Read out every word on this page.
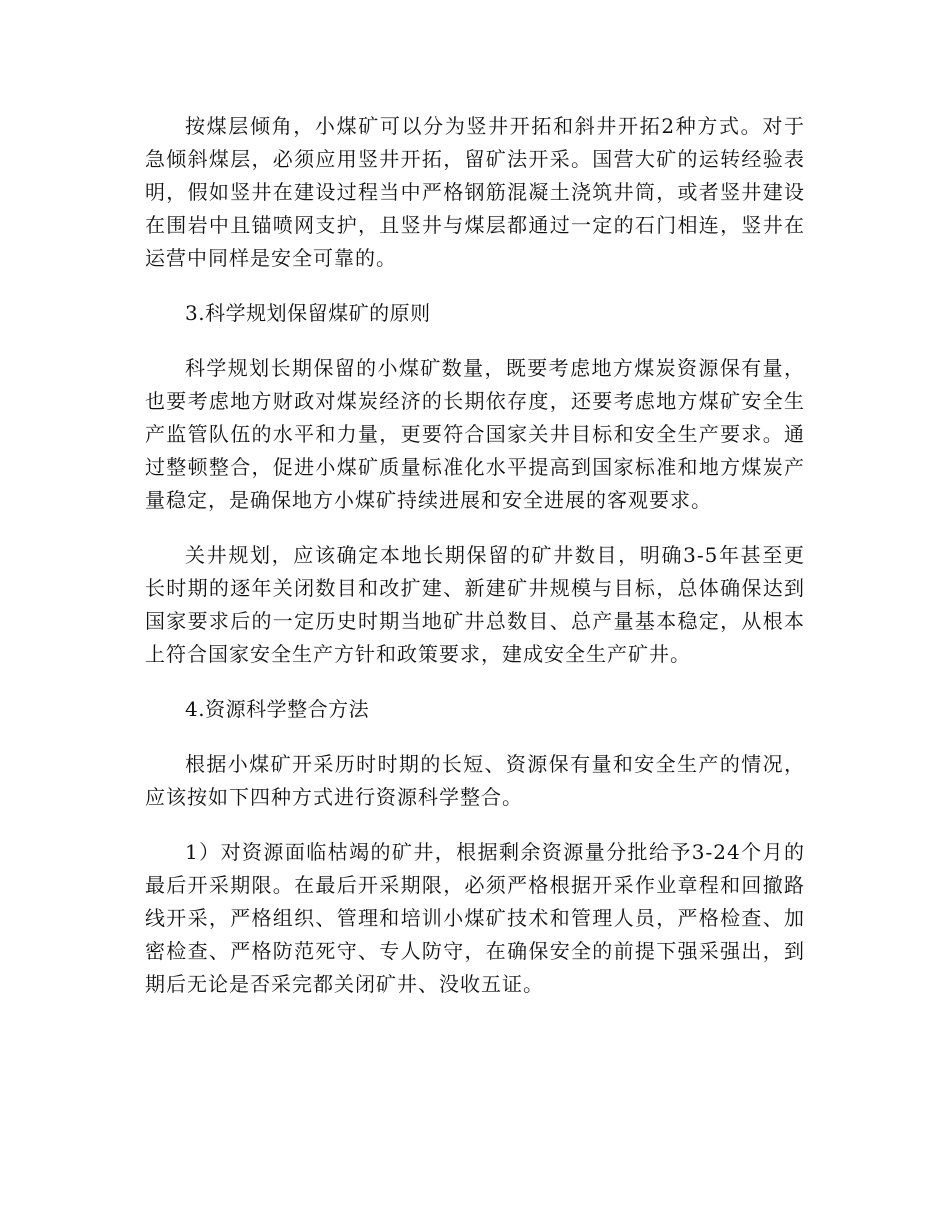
按煤层倾角，小煤矿可以分为竖井开拓和斜井开拓2种方式。对于急倾斜煤层，必须应用竖井开拓，留矿法开采。国营大矿的运转经验表明，假如竖井在建设过程当中严格钢筋混凝土浇筑井筒，或者竖井建设在围岩中且锚喷网支护，且竖井与煤层都通过一定的石门相连，竖井在运营中同样是安全可靠的。

3.科学规划保留煤矿的原则

科学规划长期保留的小煤矿数量，既要考虑地方煤炭资源保有量，也要考虑地方财政对煤炭经济的长期依存度，还要考虑地方煤矿安全生产监管队伍的水平和力量，更要符合国家关井目标和安全生产要求。通过整顿整合，促进小煤矿质量标准化水平提高到国家标准和地方煤炭产量稳定，是确保地方小煤矿持续进展和安全进展的客观要求。

关井规划，应该确定本地长期保留的矿井数目，明确3-5年甚至更长时期的逐年关闭数目和改扩建、新建矿井规模与目标，总体确保达到国家要求后的一定历史时期当地矿井总数目、总产量基本稳定，从根本上符合国家安全生产方针和政策要求，建成安全生产矿井。

4.资源科学整合方法

根据小煤矿开采历时时期的长短、资源保有量和安全生产的情况，应该按如下四种方式进行资源科学整合。

1）对资源面临枯竭的矿井，根据剩余资源量分批给予3-24个月的最后开采期限。在最后开采期限，必须严格根据开采作业章程和回撤路线开采，严格组织、管理和培训小煤矿技术和管理人员，严格检查、加密检查、严格防范死守、专人防守，在确保安全的前提下强采强出，到期后无论是否采完都关闭矿井、没收五证。
